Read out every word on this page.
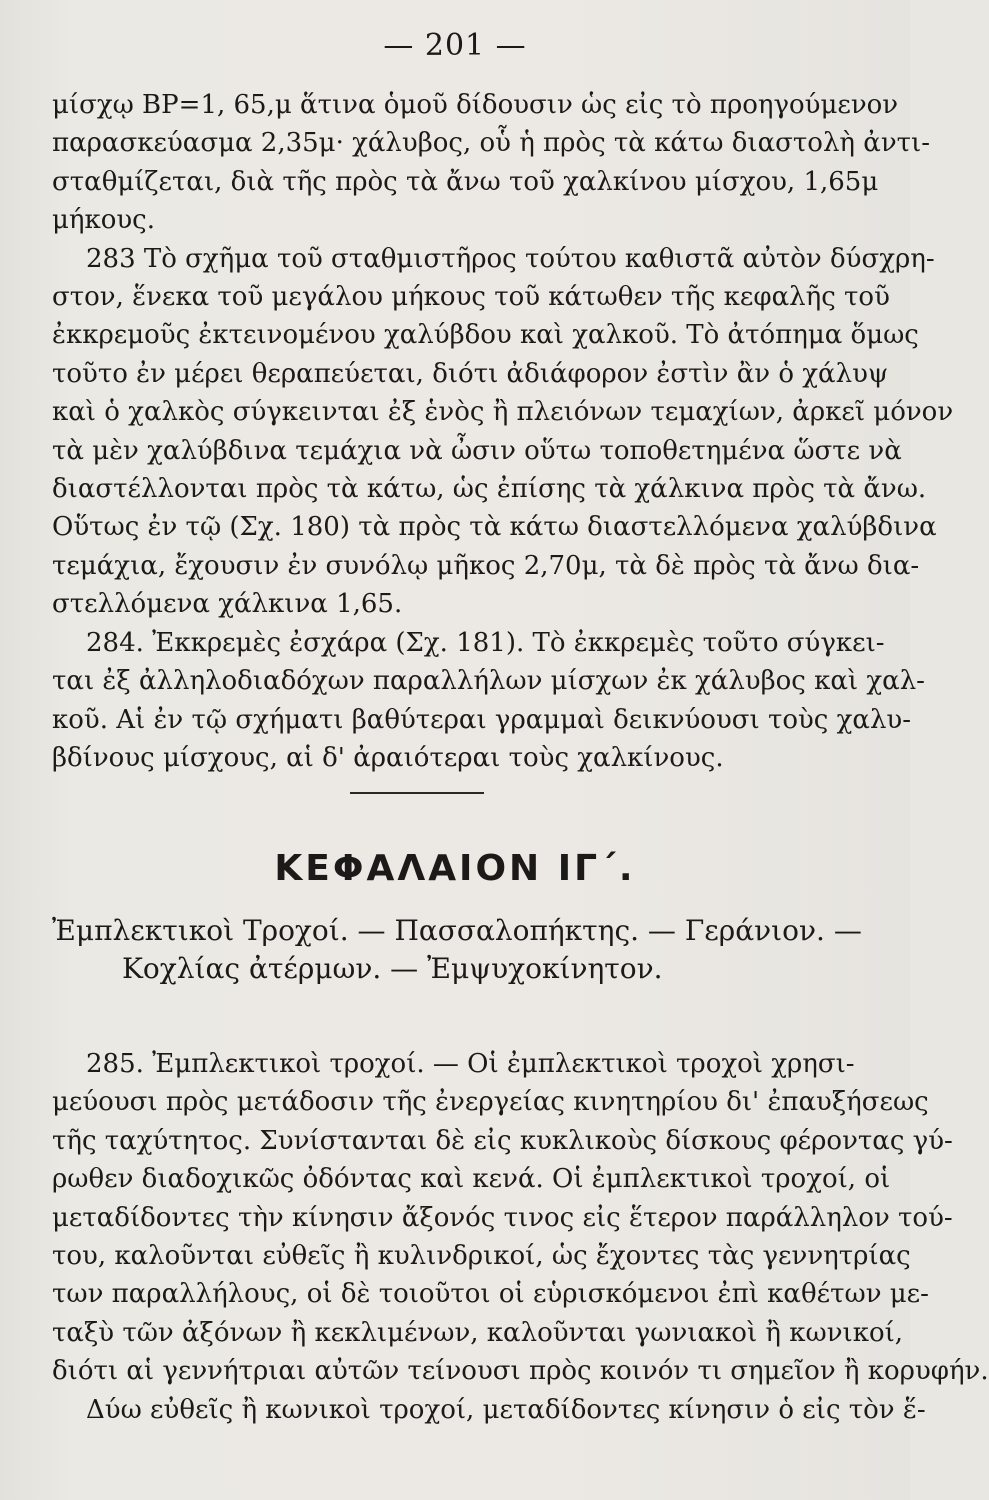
— 201 —
μίσχῳ ΒΡ=1, 65,μ ἅτινα ὁμοῦ δίδουσιν ὡς εἰς τὸ προηγούμενον
παρασκεύασμα 2,35μ· χάλυβος, οὗ ἡ πρὸς τὰ κάτω διαστολὴ ἀντι-
σταθμίζεται, διὰ τῆς πρὸς τὰ ἄνω τοῦ χαλκίνου μίσχου, 1,65μ
μήκους.
283 Τὸ σχῆμα τοῦ σταθμιστῆρος τούτου καθιστᾶ αὐτὸν δύσχρη-
στον, ἕνεκα τοῦ μεγάλου μήκους τοῦ κάτωθεν τῆς κεφαλῆς τοῦ
ἐκκρεμοῦς ἐκτεινομένου χαλύβδου καὶ χαλκοῦ. Τὸ ἀτόπημα ὅμως
τοῦτο ἐν μέρει θεραπεύεται, διότι ἀδιάφορον ἐστὶν ἂν ὁ χάλυψ
καὶ ὁ χαλκὸς σύγκεινται ἐξ ἑνὸς ἢ πλειόνων τεμαχίων, ἀρκεῖ μόνον
τὰ μὲν χαλύβδινα τεμάχια νὰ ὦσιν οὕτω τοποθετημένα ὥστε νὰ
διαστέλλονται πρὸς τὰ κάτω, ὡς ἐπίσης τὰ χάλκινα πρὸς τὰ ἄνω.
Οὕτως ἐν τῷ (Σχ. 180) τὰ πρὸς τὰ κάτω διαστελλόμενα χαλύβδινα
τεμάχια, ἔχουσιν ἐν συνόλῳ μῆκος 2,70μ, τὰ δὲ πρὸς τὰ ἄνω δια-
στελλόμενα χάλκινα 1,65.
284. Ἐκκρεμὲς ἐσχάρα (Σχ. 181). Τὸ ἐκκρεμὲς τοῦτο σύγκει-
ται ἐξ ἀλληλοδιαδόχων παραλλήλων μίσχων ἐκ χάλυβος καὶ χαλ-
κοῦ. Αἱ ἐν τῷ σχήματι βαθύτεραι γραμμαὶ δεικνύουσι τοὺς χαλυ-
βδίνους μίσχους, αἱ δ' ἀραιότεραι τοὺς χαλκίνους.
ΚΕΦΑΛΑΙΟΝ ΙΓ΄.
Ἐμπλεκτικοὶ Τροχοί. — Πασσαλοπήκτης. — Γεράνιον. —
Κοχλίας ἀτέρμων. — Ἐμψυχοκίνητον.
285. Ἐμπλεκτικοὶ τροχοί. — Οἱ ἐμπλεκτικοὶ τροχοὶ χρησι-
μεύουσι πρὸς μετάδοσιν τῆς ἐνεργείας κινητηρίου δι' ἐπαυξήσεως
τῆς ταχύτητος. Συνίστανται δὲ εἰς κυκλικοὺς δίσκους φέροντας γύ-
ρωθεν διαδοχικῶς ὀδόντας καὶ κενά. Οἱ ἐμπλεκτικοὶ τροχοί, οἱ
μεταδίδοντες τὴν κίνησιν ἄξονός τινος εἰς ἕτερον παράλληλον τού-
του, καλοῦνται εὐθεῖς ἢ κυλινδρικοί, ὡς ἔχοντες τὰς γεννητρίας
των παραλλήλους, οἱ δὲ τοιοῦτοι οἱ εὑρισκόμενοι ἐπὶ καθέτων με-
ταξὺ τῶν ἀξόνων ἢ κεκλιμένων, καλοῦνται γωνιακοὶ ἢ κωνικοί,
διότι αἱ γεννήτριαι αὐτῶν τείνουσι πρὸς κοινόν τι σημεῖον ἢ κορυφήν.
Δύω εὐθεῖς ἢ κωνικοὶ τροχοί, μεταδίδοντες κίνησιν ὁ εἰς τὸν ἕ-
